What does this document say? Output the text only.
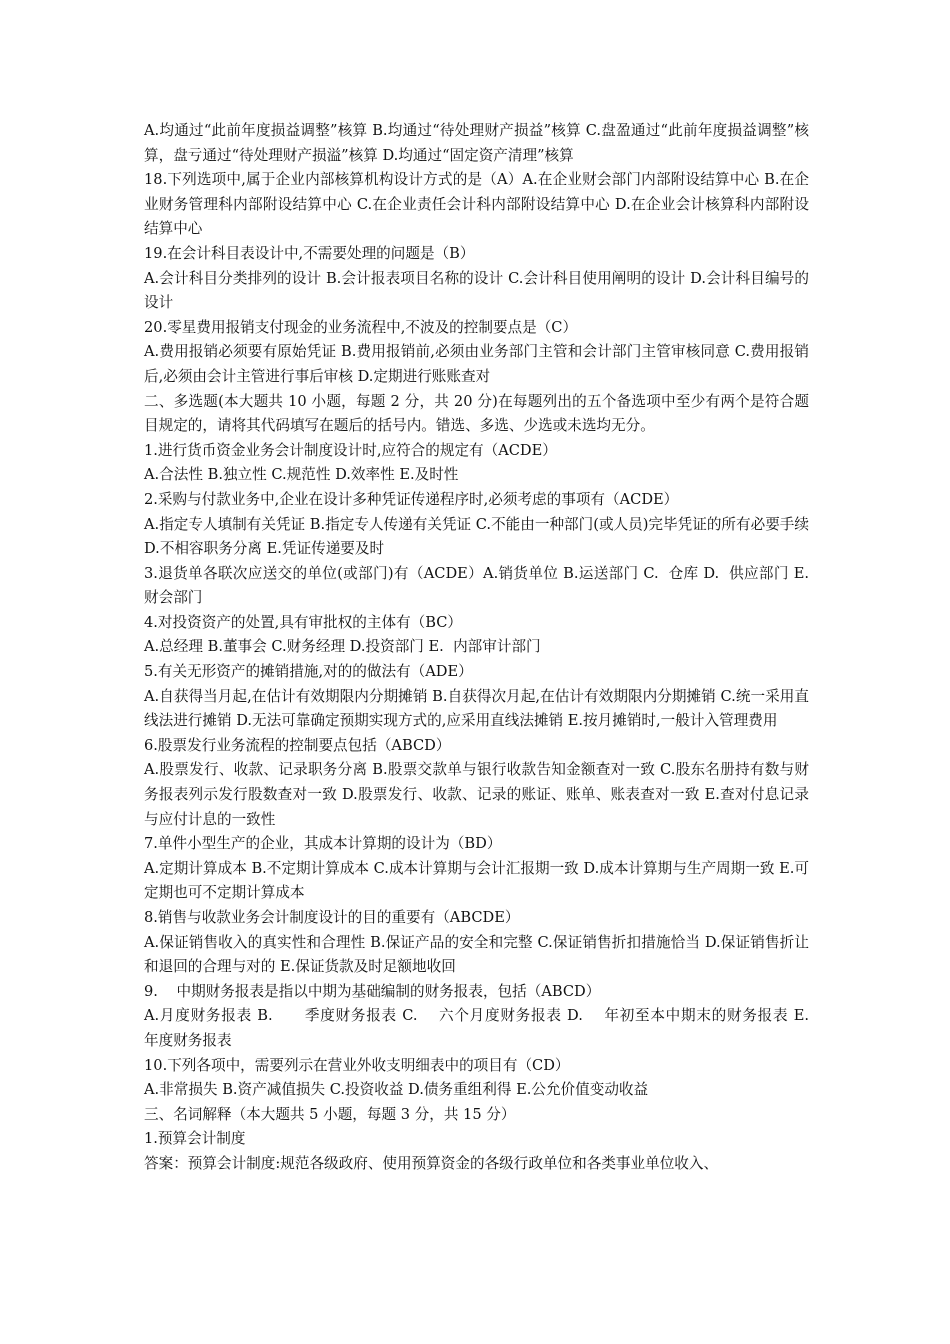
A.均通过“此前年度损益调整”核算 B.均通过“待处理财产损益”核算 C.盘盈通过“此前年度损益调整”核算，盘亏通过“待处理财产损溢”核算 D.均通过“固定资产清理”核算

18.下列选项中,属于企业内部核算机构设计方式的是（A）A.在企业财会部门内部附设结算中心 B.在企业财务管理科内部附设结算中心 C.在企业责任会计科内部附设结算中心 D.在企业会计核算科内部附设结算中心

19.在会计科目表设计中,不需要处理的问题是（B）

A.会计科目分类排列的设计 B.会计报表项目名称的设计 C.会计科目使用阐明的设计 D.会计科目编号的设计

20.零星费用报销支付现金的业务流程中,不波及的控制要点是（C）

A.费用报销必须要有原始凭证 B.费用报销前,必须由业务部门主管和会计部门主管审核同意 C.费用报销后,必须由会计主管进行事后审核 D.定期进行账账查对

二、多选题(本大题共 10 小题，每题 2 分，共 20 分)在每题列出的五个备选项中至少有两个是符合题目规定的，请将其代码填写在题后的括号内。错选、多选、少选或未选均无分。

1.进行货币资金业务会计制度设计时,应符合的规定有（ACDE）

A.合法性 B.独立性 C.规范性 D.效率性 E.及时性

2.采购与付款业务中,企业在设计多种凭证传递程序时,必须考虑的事项有（ACDE）

A.指定专人填制有关凭证 B.指定专人传递有关凭证 C.不能由一种部门(或人员)完毕凭证的所有必要手续 D.不相容职务分离 E.凭证传递要及时

3.退货单各联次应送交的单位(或部门)有（ACDE）A.销货单位 B.运送部门 C.  仓库 D.  供应部门 E.财会部门

4.对投资资产的处置,具有审批权的主体有（BC）

A.总经理 B.董事会 C.财务经理 D.投资部门 E.  内部审计部门

5.有关无形资产的摊销措施,对的的做法有（ADE）

A.自获得当月起,在估计有效期限内分期摊销 B.自获得次月起,在估计有效期限内分期摊销 C.统一采用直线法进行摊销 D.无法可靠确定预期实现方式的,应采用直线法摊销 E.按月摊销时,一般计入管理费用

6.股票发行业务流程的控制要点包括（ABCD）

A.股票发行、收款、记录职务分离 B.股票交款单与银行收款告知金额查对一致 C.股东名册持有数与财务报表列示发行股数查对一致 D.股票发行、收款、记录的账证、账单、账表查对一致 E.查对付息记录与应付计息的一致性

7.单件小型生产的企业，其成本计算期的设计为（BD）

A.定期计算成本 B.不定期计算成本 C.成本计算期与会计汇报期一致 D.成本计算期与生产周期一致 E.可定期也可不定期计算成本

8.销售与收款业务会计制度设计的目的重要有（ABCDE）

A.保证销售收入的真实性和合理性 B.保证产品的安全和完整 C.保证销售折扣措施恰当 D.保证销售折让和退回的合理与对的 E.保证货款及时足额地收回

9.    中期财务报表是指以中期为基础编制的财务报表，包括（ABCD）

A.月度财务报表 B.      季度财务报表 C.    六个月度财务报表 D.    年初至本中期末的财务报表 E.      年度财务报表

10.下列各项中，需要列示在营业外收支明细表中的项目有（CD）

A.非常损失 B.资产减值损失 C.投资收益 D.债务重组利得 E.公允价值变动收益

三、名词解释（本大题共 5 小题，每题 3 分，共 15 分）

1.预算会计制度

答案：预算会计制度:规范各级政府、使用预算资金的各级行政单位和各类事业单位收入、
